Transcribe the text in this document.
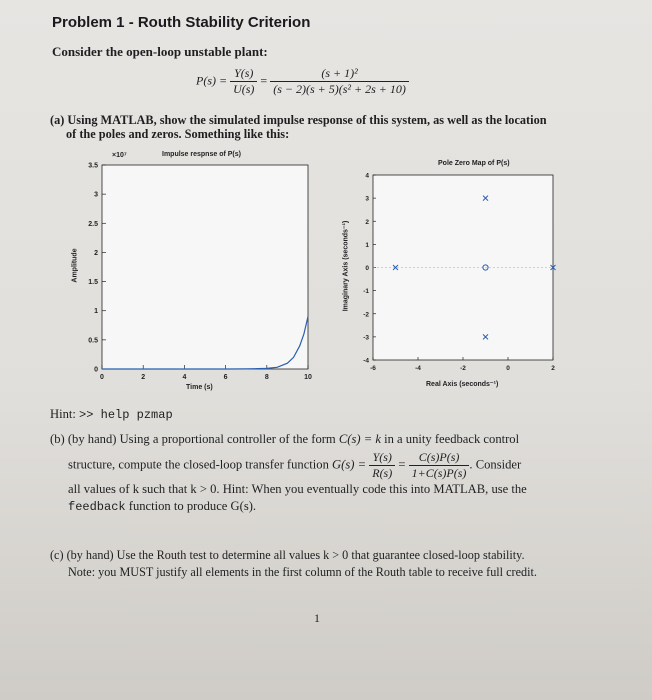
Problem 1 - Routh Stability Criterion
Consider the open-loop unstable plant:
$P(s) = \frac{Y(s)}{U(s)} = \frac{\text{(s + 1)²}}{\text{(s − 2)(s + 5)(s² + 2s + 10)}}$
(a) Using MATLAB, show the simulated impulse response of this system, as well as the location
of the poles and zeros. Something like this:
×10⁷	Impulse respnse of P(s)
0
0.5
1
1.5
2
2.5
3
3.5
0	2	4	6	8	10
Amplitude
Time (s)
Pole Zero Map of P(s)
-4
-3
-2
-1
0
1
2
3
4
-6	-4	-2	0	2
Imaginary Axis (seconds⁻¹)
Real Axis (seconds⁻¹)
Hint: >> help pzmap
(b) (by hand) Using a proportional controller of the form C(s) = k in a unity feedback control
structure, compute the closed-loop transfer function $G(s) = \frac{Y(s)}{R(s)} = \frac{C(s)P(s)}{1+C(s)P(s)}$ . Consider
all values of k such that k > 0. Hint: When you eventually code this into MATLAB, use the
feedback function to produce G(s).
(c) (by hand) Use the Routh test to determine all values k > 0 that guarantee closed-loop stability.
Note: you MUST justify all elements in the first column of the Routh table to receive full credit.
1
